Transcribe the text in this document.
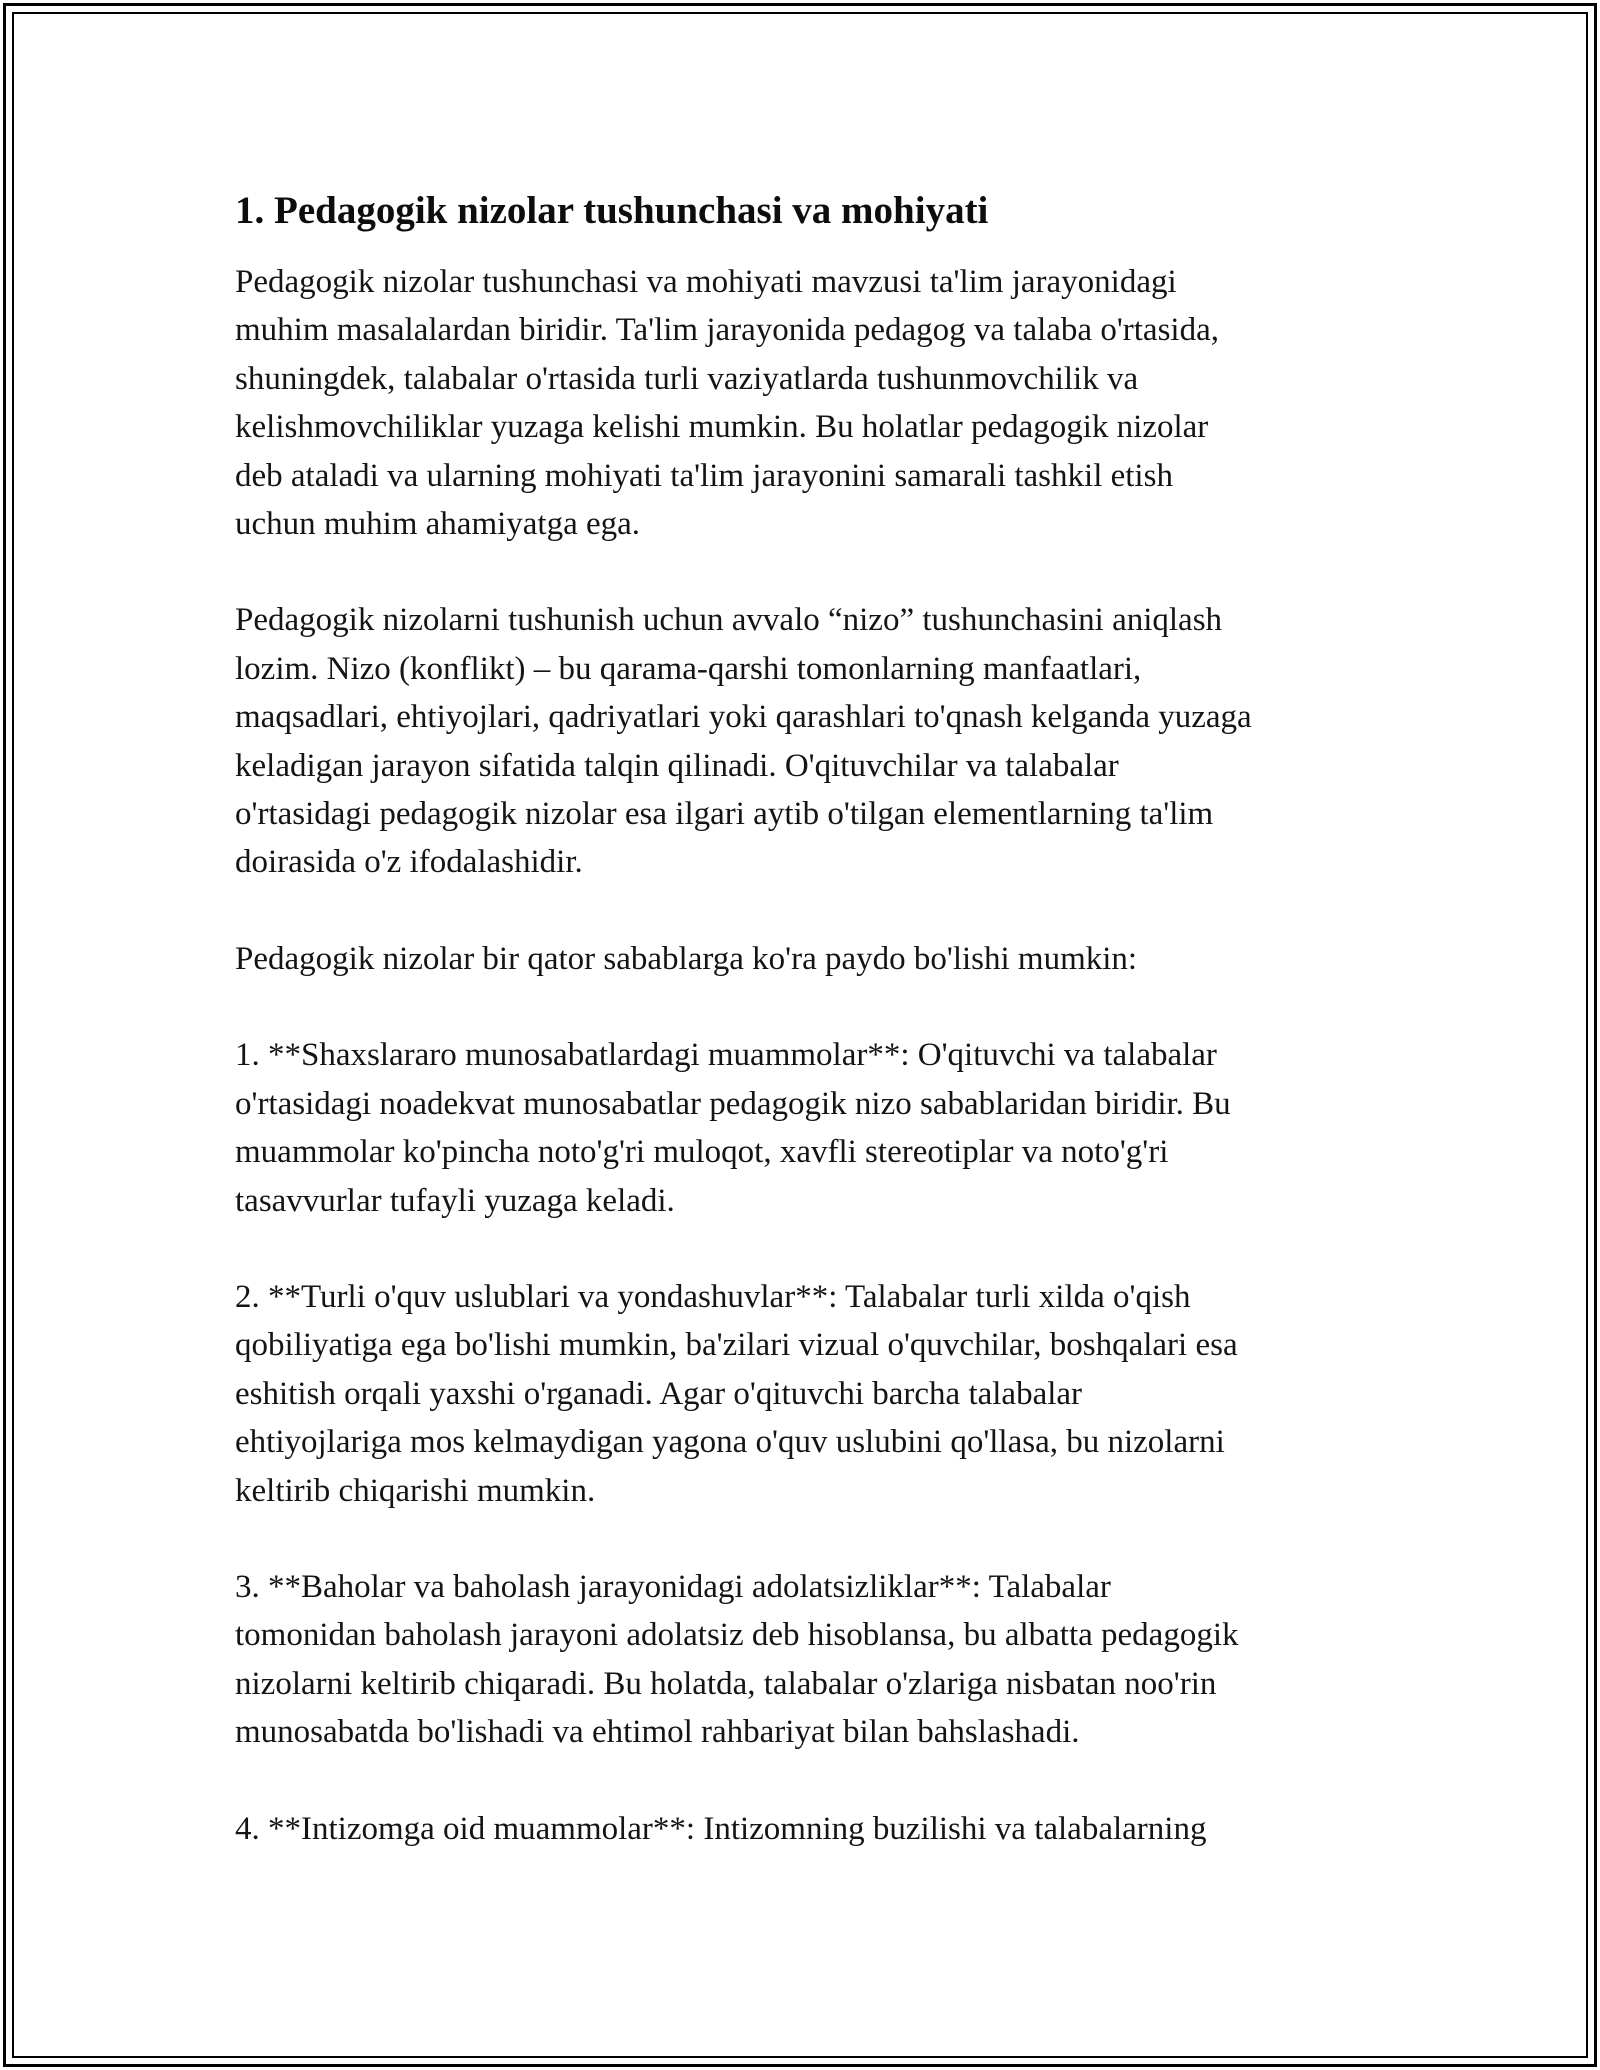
1. Pedagogik nizolar tushunchasi va mohiyati

Pedagogik nizolar tushunchasi va mohiyati mavzusi ta'lim jarayonidagi
muhim masalalardan biridir. Ta'lim jarayonida pedagog va talaba o'rtasida,
shuningdek, talabalar o'rtasida turli vaziyatlarda tushunmovchilik va
kelishmovchiliklar yuzaga kelishi mumkin. Bu holatlar pedagogik nizolar
deb ataladi va ularning mohiyati ta'lim jarayonini samarali tashkil etish
uchun muhim ahamiyatga ega.

Pedagogik nizolarni tushunish uchun avvalo “nizo” tushunchasini aniqlash
lozim. Nizo (konflikt) – bu qarama-qarshi tomonlarning manfaatlari,
maqsadlari, ehtiyojlari, qadriyatlari yoki qarashlari to'qnash kelganda yuzaga
keladigan jarayon sifatida talqin qilinadi. O'qituvchilar va talabalar
o'rtasidagi pedagogik nizolar esa ilgari aytib o'tilgan elementlarning ta'lim
doirasida o'z ifodalashidir.

Pedagogik nizolar bir qator sabablarga ko'ra paydo bo'lishi mumkin:

1. **Shaxslararo munosabatlardagi muammolar**: O'qituvchi va talabalar
o'rtasidagi noadekvat munosabatlar pedagogik nizo sabablaridan biridir. Bu
muammolar ko'pincha noto'g'ri muloqot, xavfli stereotiplar va noto'g'ri
tasavvurlar tufayli yuzaga keladi.

2. **Turli o'quv uslublari va yondashuvlar**: Talabalar turli xilda o'qish
qobiliyatiga ega bo'lishi mumkin, ba'zilari vizual o'quvchilar, boshqalari esa
eshitish orqali yaxshi o'rganadi. Agar o'qituvchi barcha talabalar
ehtiyojlariga mos kelmaydigan yagona o'quv uslubini qo'llasa, bu nizolarni
keltirib chiqarishi mumkin.

3. **Baholar va baholash jarayonidagi adolatsizliklar**: Talabalar
tomonidan baholash jarayoni adolatsiz deb hisoblansa, bu albatta pedagogik
nizolarni keltirib chiqaradi. Bu holatda, talabalar o'zlariga nisbatan noo'rin
munosabatda bo'lishadi va ehtimol rahbariyat bilan bahslashadi.

4. **Intizomga oid muammolar**: Intizomning buzilishi va talabalarning
